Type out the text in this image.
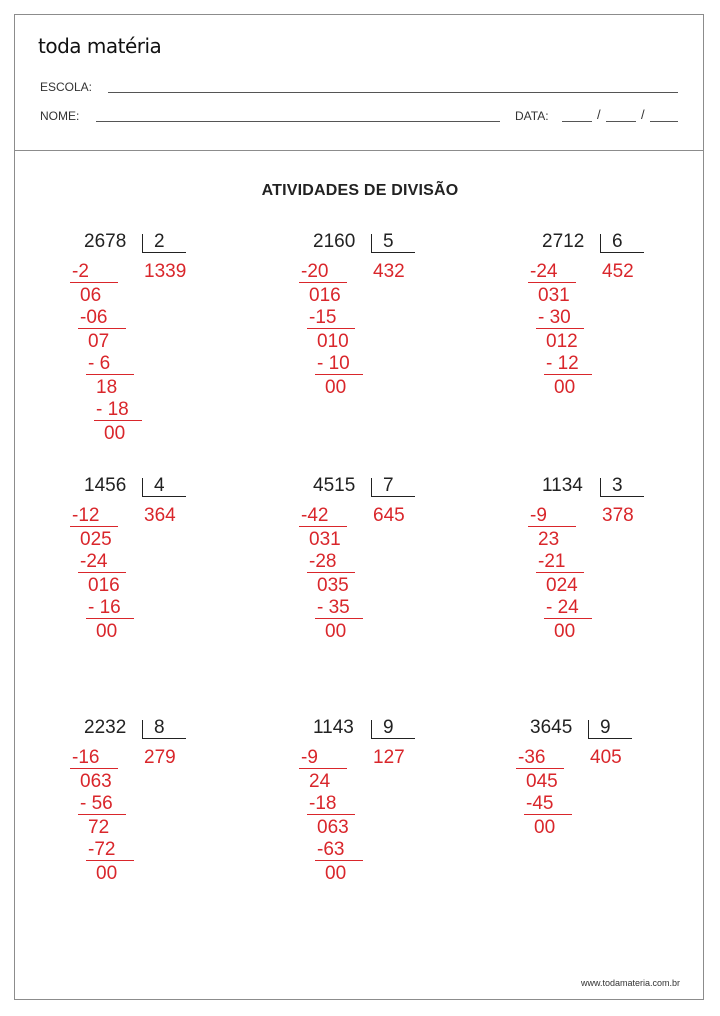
toda matéria
ESCOLA:
NOME:	DATA:	/	/
ATIVIDADES DE DIVISÃO
2678 2
1339
-2
06
-06
07
- 6
18
- 18
00
2160 5
432
-20
016
-15
010
- 10
00
2712 6
452
-24
031
- 30
012
- 12
00
1456 4
364
-12
025
-24
016
- 16
00
4515 7
645
-42
031
-28
035
- 35
00
1134 3
378
-9
23
-21
024
- 24
00
2232 8
279
-16
063
- 56
72
-72
00
1143 9
127
-9
24
-18
063
-63
00
3645 9
405
-36
045
-45
00
www.todamateria.com.br
